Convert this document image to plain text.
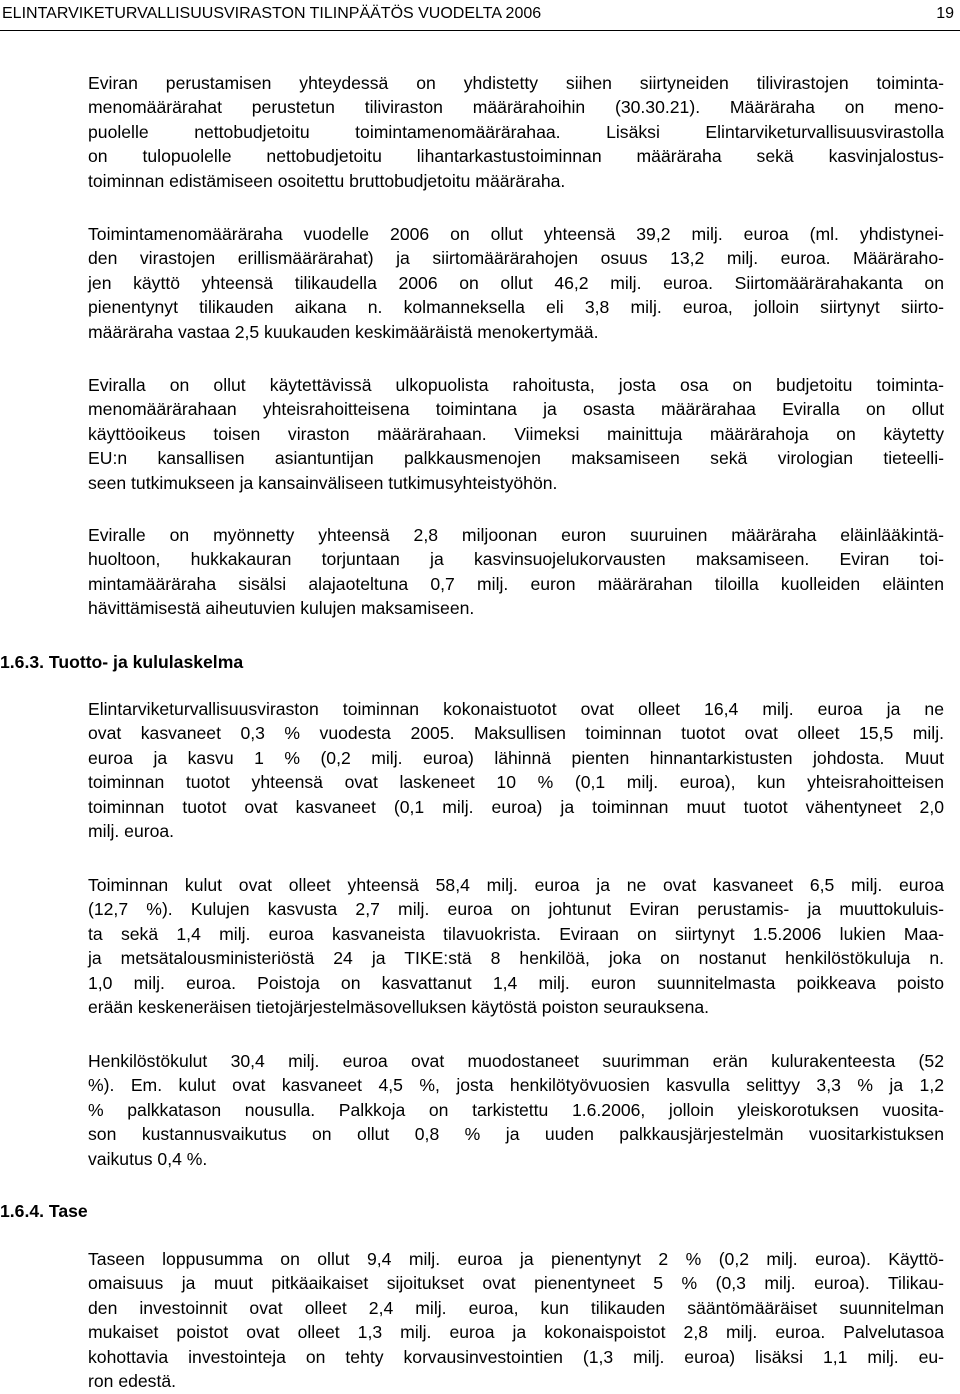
ELINTARVIKETURVALLISUUSVIRASTON TILINPÄÄTÖS VUODELTA 2006	19
Eviran perustamisen yhteydessä on yhdistetty siihen siirtyneiden tilivirastojen toiminta-
menomäärärahat perustetun tiliviraston määrärahoihin (30.30.21). Määräraha on meno-
puolelle nettobudjetoitu toimintamenomäärärahaa. Lisäksi Elintarviketurvallisuusvirastolla
on tulopuolelle nettobudjetoitu lihantarkastustoiminnan määräraha sekä kasvinjalostus-
toiminnan edistämiseen osoitettu bruttobudjetoitu määräraha.
Toimintamenomääräraha vuodelle 2006 on ollut yhteensä 39,2 milj. euroa (ml. yhdistynei-
den virastojen erillismäärärahat) ja siirtomäärärahojen osuus 13,2 milj. euroa. Määrärahо-
jen käyttö yhteensä tilikaudella 2006 on ollut 46,2 milj. euroa. Siirtomäärärahakanta on
pienentynyt tilikauden aikana n. kolmanneksella eli 3,8 milj. euroa, jolloin siirtynyt siirto-
määräraha vastaa 2,5 kuukauden keskimääräistä menokertymää.
Eviralla on ollut käytettävissä ulkopuolista rahoitusta, josta osa on budjetoitu toiminta-
menomäärärahaan yhteisrahoitteisena toimintana ja osasta määrärahaa Eviralla on ollut
käyttöoikeus toisen viraston määrärahaan. Viimeksi mainittuja määrärahoja on käytetty
EU:n kansallisen asiantuntijan palkkausmenojen maksamiseen sekä virologian tieteelli-
seen tutkimukseen ja kansainväliseen tutkimusyhteistyöhön.
Eviralle on myönnetty yhteensä 2,8 miljoonan euron suuruinen määräraha eläinlääkintä-
huoltoon, hukkakauran torjuntaan ja kasvinsuojelukorvausten maksamiseen. Eviran toi-
mintamääräraha sisälsi alajaoteltuna 0,7 milj. euron määrärahan tiloilla kuolleiden eläinten
hävittämisestä aiheutuvien kulujen maksamiseen.
1.6.3. Tuotto- ja kululaskelma
Elintarviketurvallisuusviraston toiminnan kokonaistuotot ovat olleet 16,4 milj. euroa ja ne
ovat kasvaneet 0,3 % vuodesta 2005. Maksullisen toiminnan tuotot ovat olleet 15,5 milj.
euroa ja kasvu 1 % (0,2 milj. euroa) lähinnä pienten hinnantarkistusten johdosta. Muut
toiminnan tuotot yhteensä ovat laskeneet 10 % (0,1 milj. euroa), kun yhteisrahoitteisen
toiminnan tuotot ovat kasvaneet (0,1 milj. euroa) ja toiminnan muut tuotot vähentyneet 2,0
milj. euroa.
Toiminnan kulut ovat olleet yhteensä 58,4 milj. euroa ja ne ovat kasvaneet 6,5 milj. euroa
(12,7 %). Kulujen kasvusta 2,7 milj. euroa on johtunut Eviran perustamis- ja muuttokuluis-
ta sekä 1,4 milj. euroa kasvaneista tilavuokrista. Eviraan on siirtynyt 1.5.2006 lukien Maa-
ja metsätalousministeriöstä 24 ja TIKE:stä 8 henkilöä, joka on nostanut henkilöstökuluja n.
1,0 milj. euroa. Poistoja on kasvattanut 1,4 milj. euron suunnitelmasta poikkeava poisto
erään keskeneräisen tietojärjestelmäsovelluksen käytöstä poiston seurauksena.
Henkilöstökulut 30,4 milj. euroa ovat muodostaneet suurimman erän kulurakenteesta (52
%). Em. kulut ovat kasvaneet 4,5 %, josta henkilötyövuosien kasvulla selittyy 3,3 % ja 1,2
% palkkatason nousulla. Palkkoja on tarkistettu 1.6.2006, jolloin yleiskorotuksen vuosita-
son kustannusvaikutus on ollut 0,8 % ja uuden palkkausjärjestelmän vuositarkistuksen
vaikutus 0,4 %.
1.6.4. Tase
Taseen loppusumma on ollut 9,4 milj. euroa ja pienentynyt 2 % (0,2 milj. euroa). Käyttö-
omaisuus ja muut pitkäaikaiset sijoitukset ovat pienentyneet 5 % (0,3 milj. euroa). Tilikau-
den investoinnit ovat olleet 2,4 milj. euroa, kun tilikauden sääntömääräiset suunnitelman
mukaiset poistot ovat olleet 1,3 milj. euroa ja kokonaispoistot 2,8 milj. euroa. Palvelutasoa
kohottavia investointeja on tehty korvausinvestointien (1,3 milj. euroa) lisäksi 1,1 milj. eu-
ron edestä.
